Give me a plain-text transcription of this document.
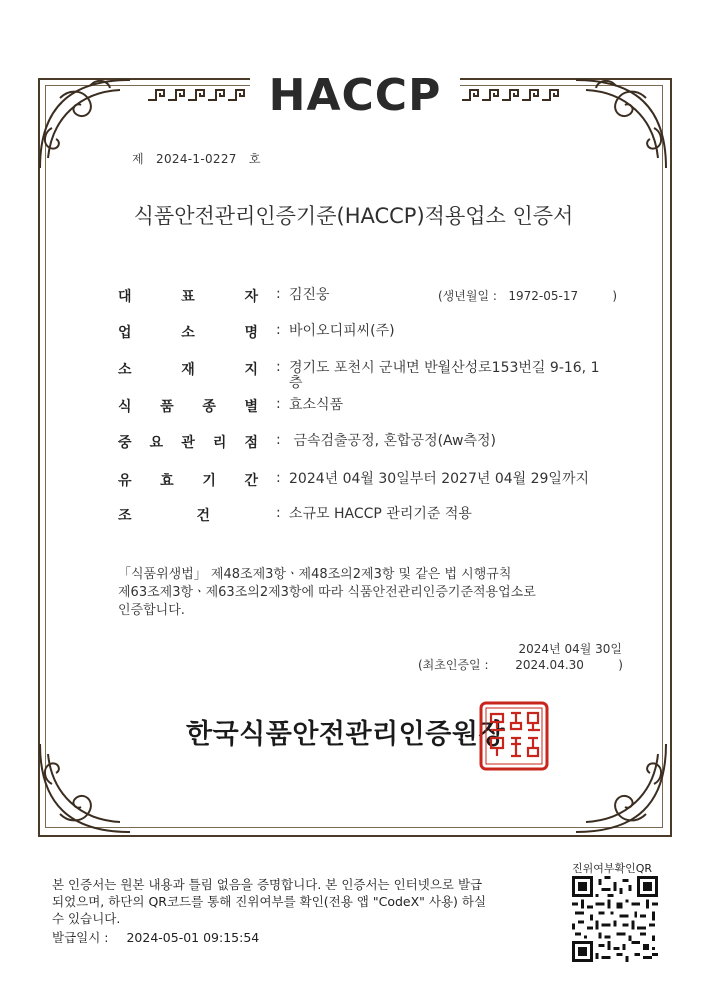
HACCP
제 2024-1-0227 호
식품안전관리인증기준(HACCP)적용업소 인증서
대	표	자 : 김진웅	(생년월일 :   1972-05-17         )
업	소	명 : 바이오디피씨(주)
소	재	지 : 경기도 포천시 군내면 반월산성로153번길 9-16, 1
층
식 품 종 별 : 효소식품
중 요 관 리 점 : 금속검출공정, 혼합공정(Aw측정)
유 효 기 간 : 2024년 04월 30일부터 2027년 04월 29일까지
조	건	: 소규모 HACCP 관리기준 적용
「식품위생법」 제48조제3항ㆍ제48조의2제3항 및 같은 법 시행규칙
제63조제3항ㆍ제63조의2제3항에 따라 식품안전관리인증기준적용업소로
인증합니다.
2024년 04월 30일
(최초인증일 :       2024.04.30         )
한국식품안전관리인증원장
본 인증서는 원본 내용과 틀림 없음을 증명합니다. 본 인증서는 인터넷으로 발급
되었으며, 하단의 QR코드를 통해 진위여부를 확인(전용 앱 "CodeX" 사용) 하실
수 있습니다.
발급일시 : 2024-05-01 09:15:54
진위여부확인QR
